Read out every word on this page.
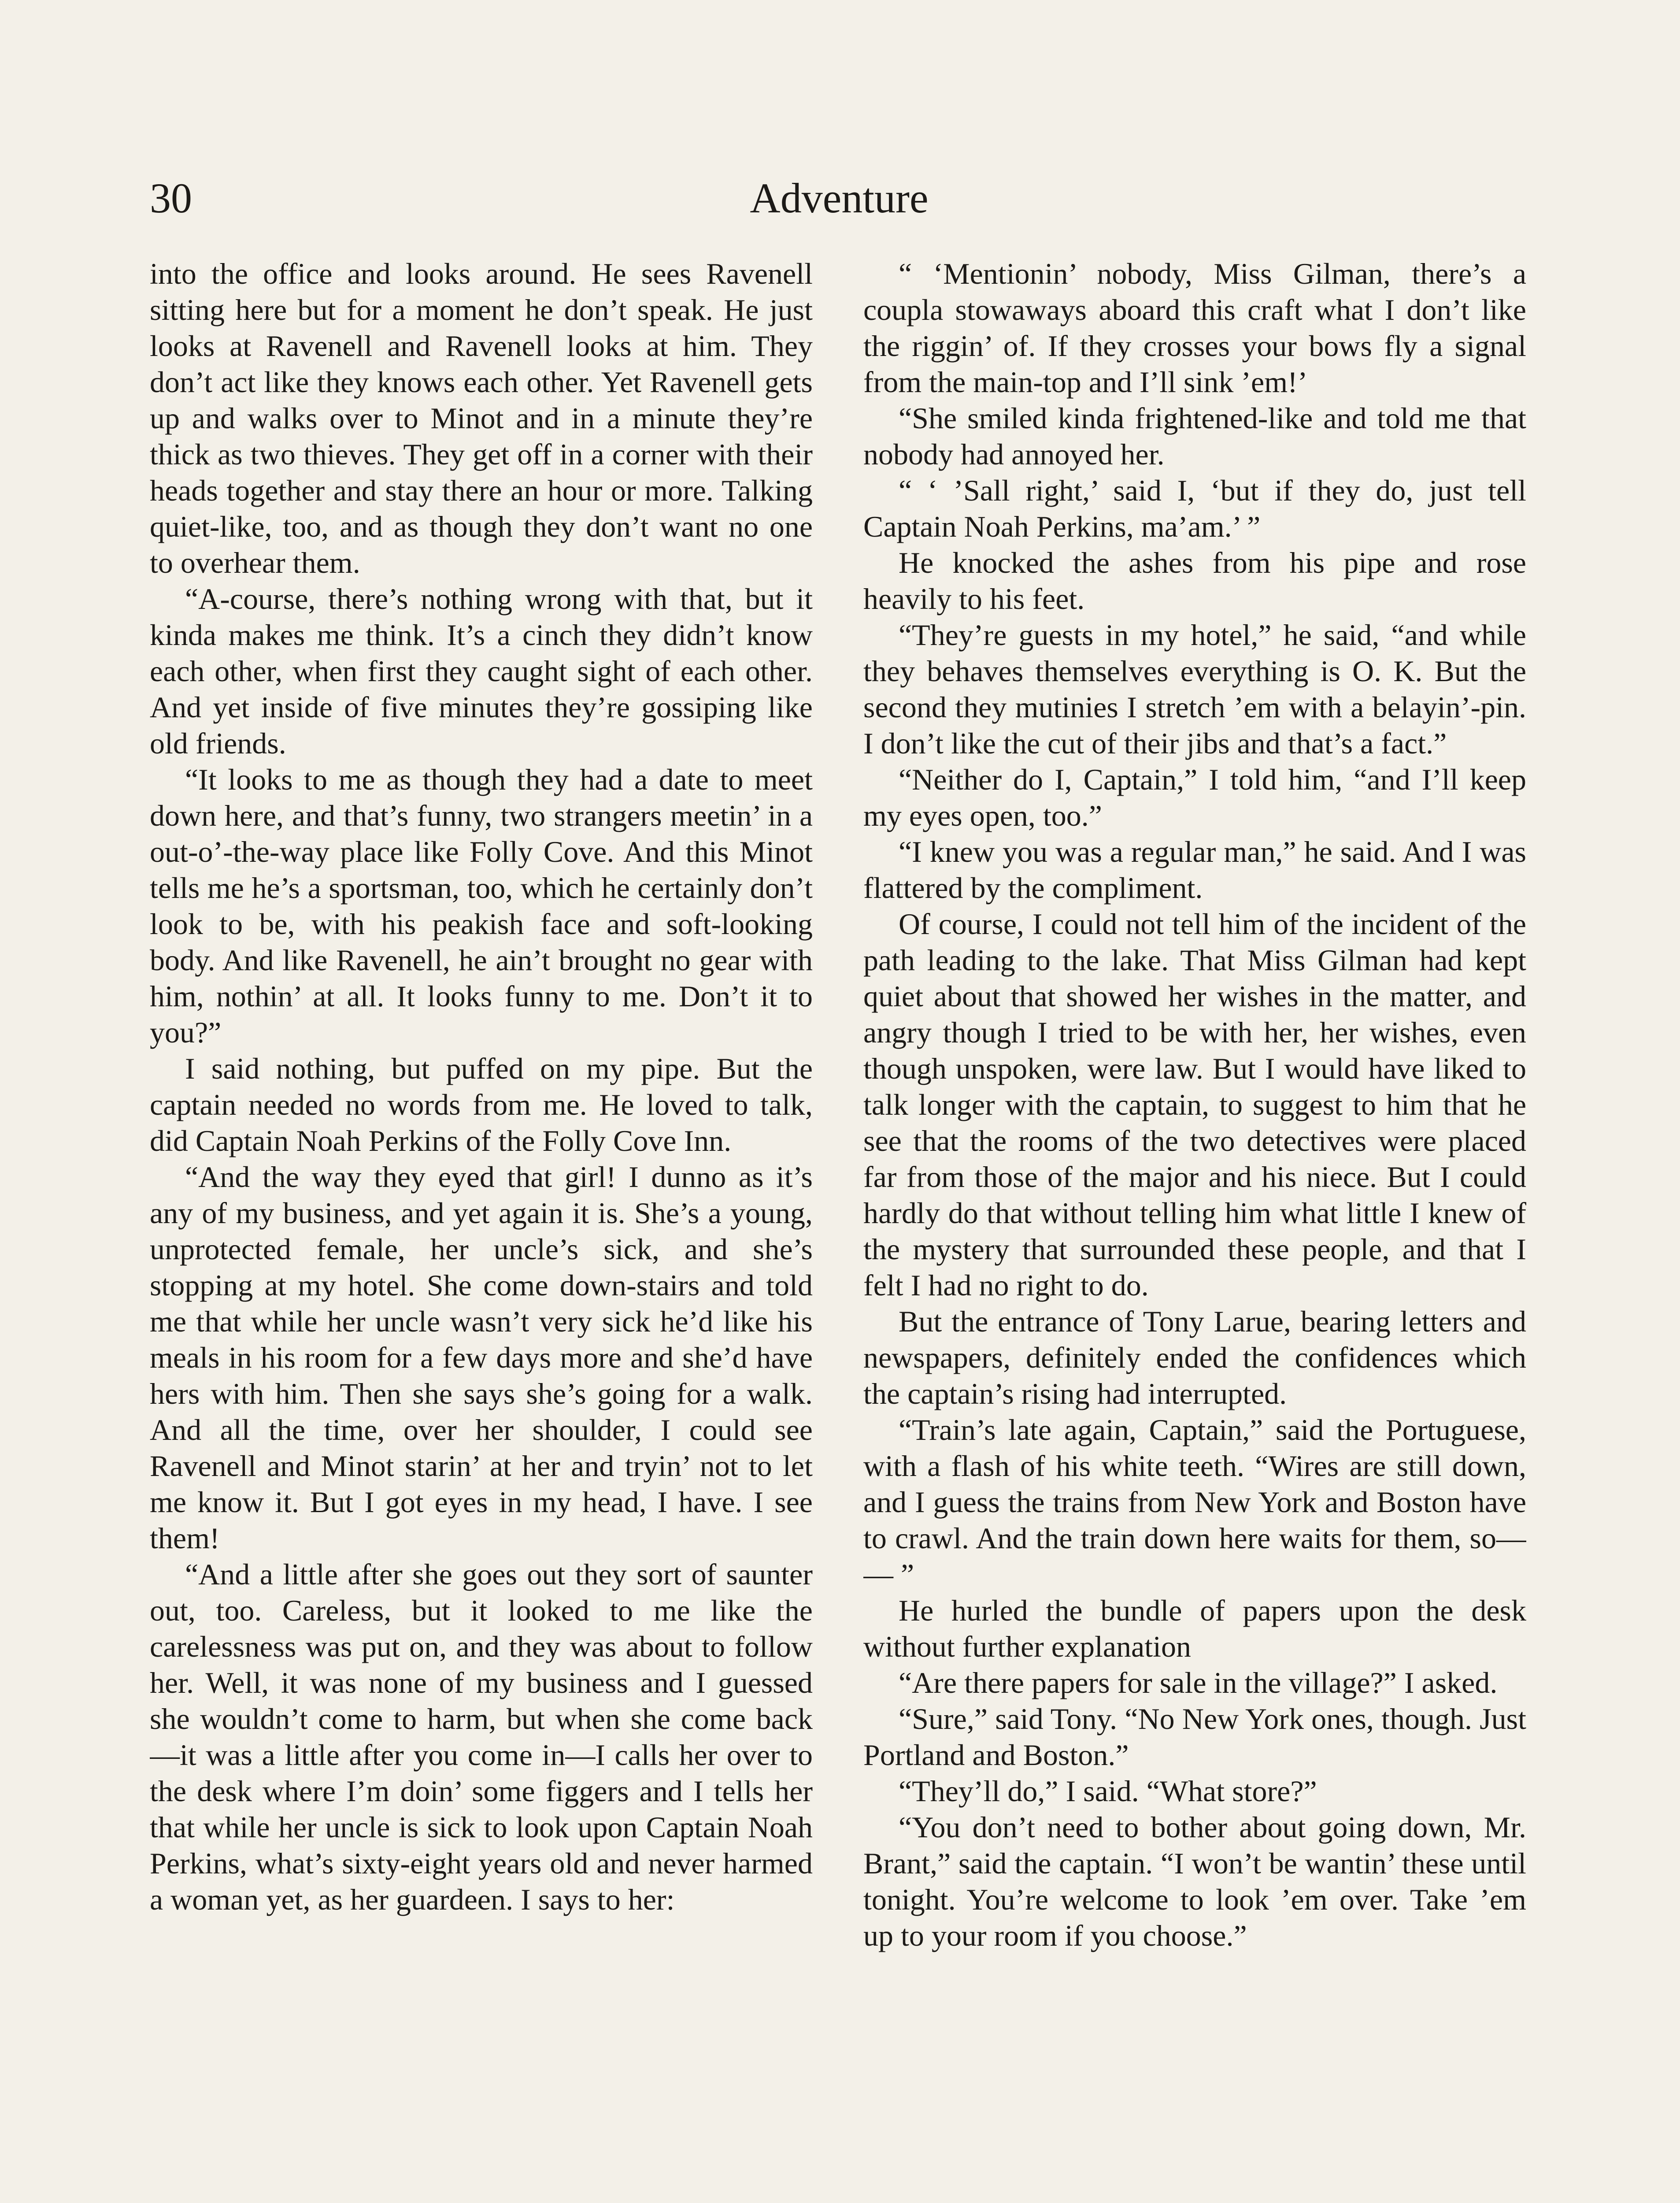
30	Adventure

into the office and looks around. He sees Ravenell sitting here but for a moment he don’t speak. He just looks at Ravenell and Ravenell looks at him. They don’t act like they knows each other. Yet Ravenell gets up and walks over to Minot and in a minute they’re thick as two thieves. They get off in a corner with their heads together and stay there an hour or more. Talking quiet-like, too, and as though they don’t want no one to overhear them.

“A-course, there’s nothing wrong with that, but it kinda makes me think. It’s a cinch they didn’t know each other, when first they caught sight of each other. And yet inside of five minutes they’re gossiping like old friends.

“It looks to me as though they had a date to meet down here, and that’s funny, two strangers meetin’ in a out-o’-the-way place like Folly Cove. And this Minot tells me he’s a sportsman, too, which he certainly don’t look to be, with his peakish face and soft-looking body. And like Ravenell, he ain’t brought no gear with him, nothin’ at all. It looks funny to me. Don’t it to you?”

I said nothing, but puffed on my pipe. But the captain needed no words from me. He loved to talk, did Captain Noah Perkins of the Folly Cove Inn.

“And the way they eyed that girl! I dunno as it’s any of my business, and yet again it is. She’s a young, unprotected female, her uncle’s sick, and she’s stopping at my hotel. She come down-stairs and told me that while her uncle wasn’t very sick he’d like his meals in his room for a few days more and she’d have hers with him. Then she says she’s going for a walk. And all the time, over her shoulder, I could see Ravenell and Minot starin’ at her and tryin’ not to let me know it. But I got eyes in my head, I have. I see them!

“And a little after she goes out they sort of saunter out, too. Careless, but it looked to me like the carelessness was put on, and they was about to follow her. Well, it was none of my business and I guessed she wouldn’t come to harm, but when she come back—it was a little after you come in—I calls her over to the desk where I’m doin’ some figgers and I tells her that while her uncle is sick to look upon Captain Noah Perkins, what’s sixty-eight years old and never harmed a woman yet, as her guardeen. I says to her:

“ ‘Mentionin’ nobody, Miss Gilman, there’s a coupla stowaways aboard this craft what I don’t like the riggin’ of. If they crosses your bows fly a signal from the main-top and I’ll sink ’em!’

“She smiled kinda frightened-like and told me that nobody had annoyed her.

“ ‘ ’Sall right,’ said I, ‘but if they do, just tell Captain Noah Perkins, ma’am.’ ”

He knocked the ashes from his pipe and rose heavily to his feet.

“They’re guests in my hotel,” he said, “and while they behaves themselves everything is O. K. But the second they mutinies I stretch ’em with a belayin’-pin. I don’t like the cut of their jibs and that’s a fact.”

“Neither do I, Captain,” I told him, “and I’ll keep my eyes open, too.”

“I knew you was a regular man,” he said. And I was flattered by the compliment.

Of course, I could not tell him of the incident of the path leading to the lake. That Miss Gilman had kept quiet about that showed her wishes in the matter, and angry though I tried to be with her, her wishes, even though unspoken, were law. But I would have liked to talk longer with the captain, to suggest to him that he see that the rooms of the two detectives were placed far from those of the major and his niece. But I could hardly do that without telling him what little I knew of the mystery that surrounded these people, and that I felt I had no right to do.

But the entrance of Tony Larue, bearing letters and newspapers, definitely ended the confidences which the captain’s rising had interrupted.

“Train’s late again, Captain,” said the Portuguese, with a flash of his white teeth. “Wires are still down, and I guess the trains from New York and Boston have to crawl. And the train down here waits for them, so— — ”

He hurled the bundle of papers upon the desk without further explanation

“Are there papers for sale in the village?” I asked.

“Sure,” said Tony. “No New York ones, though. Just Portland and Boston.”

“They’ll do,” I said. “What store?”

“You don’t need to bother about going down, Mr. Brant,” said the captain. “I won’t be wantin’ these until tonight. You’re welcome to look ’em over. Take ’em up to your room if you choose.”
